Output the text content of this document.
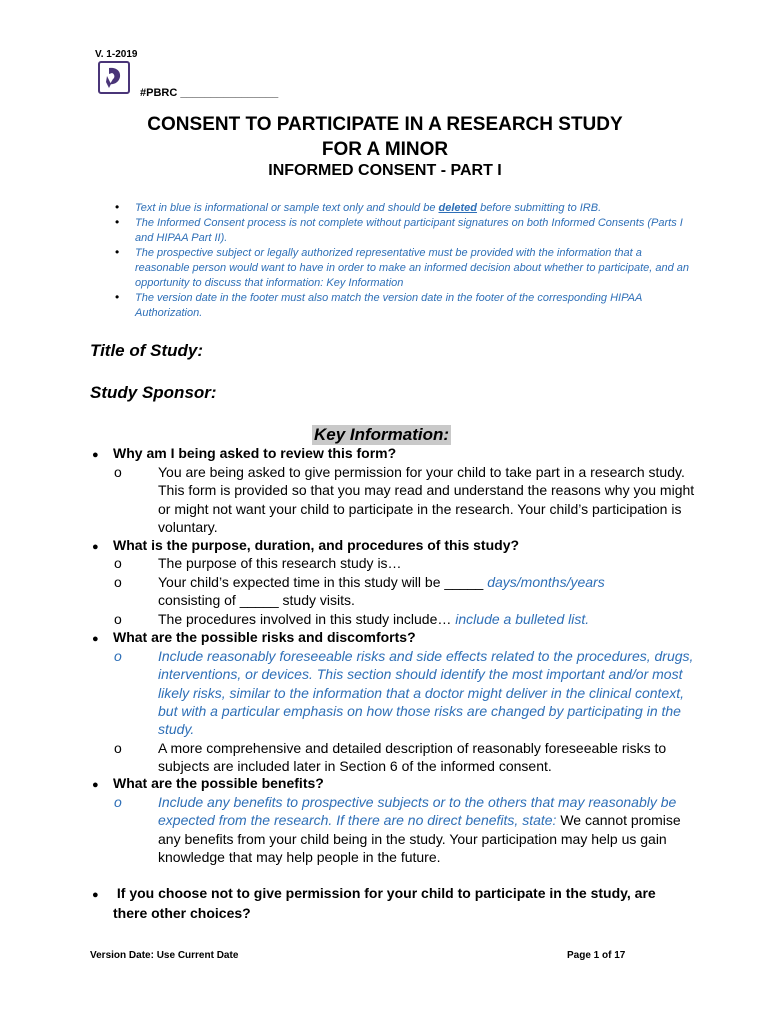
V. 1-2019
#PBRC ________________
CONSENT TO PARTICIPATE IN A RESEARCH STUDY
FOR A MINOR
INFORMED CONSENT - PART I
• Text in blue is informational or sample text only and should be deleted before submitting to IRB.
• The Informed Consent process is not complete without participant signatures on both Informed Consents (Parts I and HIPAA Part II).
• The prospective subject or legally authorized representative must be provided with the information that a reasonable person would want to have in order to make an informed decision about whether to participate, and an opportunity to discuss that information: Key Information
• The version date in the footer must also match the version date in the footer of the corresponding HIPAA Authorization.
Title of Study:
Study Sponsor:
Key Information:
● Why am I being asked to review this form?
o	You are being asked to give permission for your child to take part in a research study. This form is provided so that you may read and understand the reasons why you might or might not want your child to participate in the research. Your child’s participation is voluntary.
● What is the purpose, duration, and procedures of this study?
o	The purpose of this research study is…
o	Your child’s expected time in this study will be _____ days/months/years
consisting of _____ study visits.
o	The procedures involved in this study include… include a bulleted list.
● What are the possible risks and discomforts?
o	Include reasonably foreseeable risks and side effects related to the procedures, drugs, interventions, or devices. This section should identify the most important and/or most likely risks, similar to the information that a doctor might deliver in the clinical context, but with a particular emphasis on how those risks are changed by participating in the study.
o	A more comprehensive and detailed description of reasonably foreseeable risks to subjects are included later in Section 6 of the informed consent.
● What are the possible benefits?
o	Include any benefits to prospective subjects or to the others that may reasonably be expected from the research. If there are no direct benefits, state: We cannot promise any benefits from your child being in the study. Your participation may help us gain knowledge that may help people in the future.
● If you choose not to give permission for your child to participate in the study, are there other choices?
Version Date: Use Current Date	Page 1 of 17
